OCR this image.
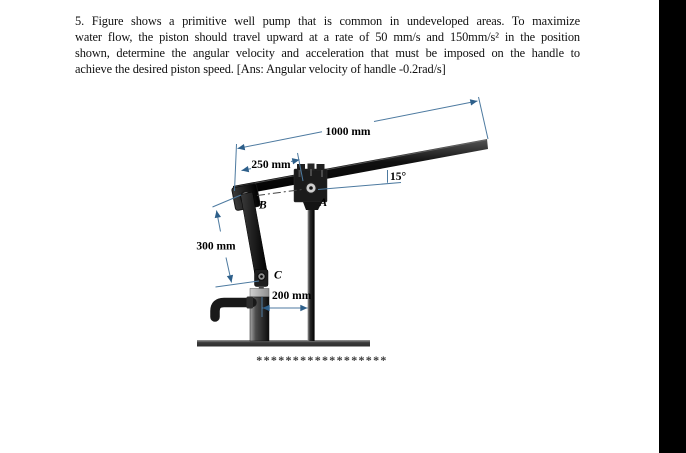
5. Figure shows a primitive well pump that is common in undeveloped areas. To maximize
water flow, the piston should travel upward at a rate of 50 mm/s and 150mm/s² in the position
shown, determine the angular velocity and acceleration that must be imposed on the handle to
achieve the desired piston speed. [Ans: Angular velocity of handle -0.2rad/s]
1000 mm
250 mm
300 mm
200 mm
15°
A
B
C
******************
